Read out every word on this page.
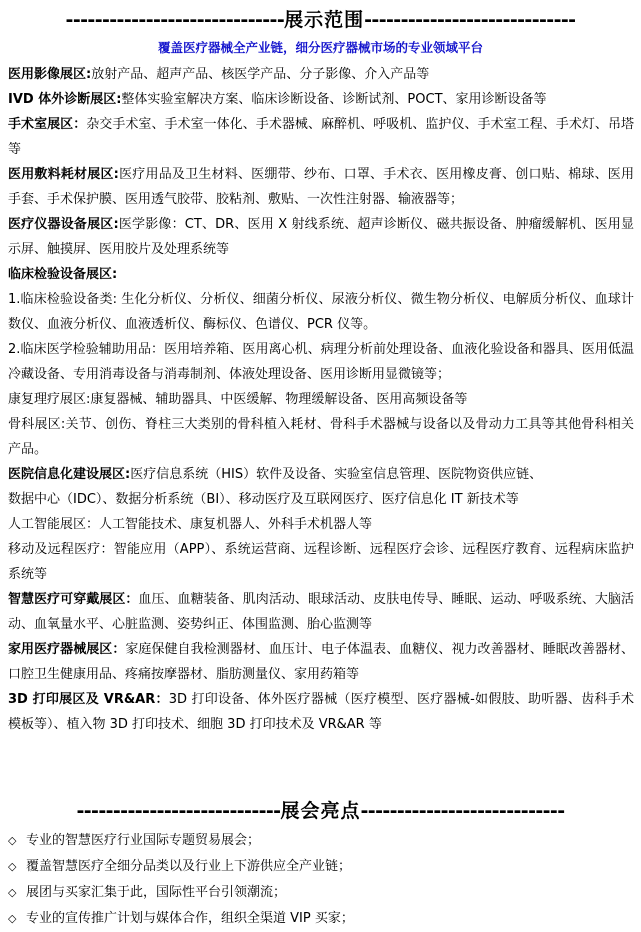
------------------------------展示范围-----------------------------
覆盖医疗器械全产业链，细分医疗器械市场的专业领域平台

医用影像展区:放射产品、超声产品、核医学产品、分子影像、介入产品等

IVD 体外诊断展区:整体实验室解决方案、临床诊断设备、诊断试剂、POCT、家用诊断设备等

手术室展区：杂交手术室、手术室一体化、手术器械、麻醉机、呼吸机、监护仪、手术室工程、手术灯、吊塔等

医用敷料耗材展区:医疗用品及卫生材料、医绷带、纱布、口罩、手术衣、医用橡皮膏、创口贴、棉球、医用手套、手术保护膜、医用透气胶带、胶粘剂、敷贴、一次性注射器、输液器等；

医疗仪器设备展区:医学影像：CT、DR、医用 X 射线系统、超声诊断仪、磁共振设备、肿瘤缓解机、医用显示屏、触摸屏、医用胶片及处理系统等

临床检验设备展区:

1.临床检验设备类: 生化分析仪、分析仪、细菌分析仪、尿液分析仪、微生物分析仪、电解质分析仪、血球计数仪、血液分析仪、血液透析仪、酶标仪、色谱仪、PCR 仪等。

2.临床医学检验辅助用品：医用培养箱、医用离心机、病理分析前处理设备、血液化验设备和器具、医用低温冷藏设备、专用消毒设备与消毒制剂、体液处理设备、医用诊断用显微镜等；

康复理疗展区:康复器械、辅助器具、中医缓解、物理缓解设备、医用高频设备等

骨科展区:关节、创伤、脊柱三大类别的骨科植入耗材、骨科手术器械与设备以及骨动力工具等其他骨科相关产品。

医院信息化建设展区:医疗信息系统（HIS）软件及设备、实验室信息管理、医院物资供应链、

数据中心（IDC）、数据分析系统（BI）、移动医疗及互联网医疗、医疗信息化 IT 新技术等

人工智能展区：人工智能技术、康复机器人、外科手术机器人等

移动及远程医疗：智能应用（APP）、系统运营商、远程诊断、远程医疗会诊、远程医疗教育、远程病床监护系统等

智慧医疗可穿戴展区：血压、血糖装备、肌肉活动、眼球活动、皮肤电传导、睡眠、运动、呼吸系统、大脑活动、血氧量水平、心脏监测、姿势纠正、体围监测、胎心监测等

家用医疗器械展区：家庭保健自我检测器材、血压计、电子体温表、血糖仪、视力改善器材、睡眠改善器材、口腔卫生健康用品、疼痛按摩器材、脂肪测量仪、家用药箱等

3D 打印展区及 VR&AR：3D 打印设备、体外医疗器械（医疗模型、医疗器械-如假肢、助听器、齿科手术模板等）、植入物 3D 打印技术、细胞 3D 打印技术及 VR&AR 等

----------------------------展会亮点----------------------------
◇ 专业的智慧医疗行业国际专题贸易展会；
◇ 覆盖智慧医疗全细分品类以及行业上下游供应全产业链；
◇ 展团与买家汇集于此，国际性平台引领潮流；
◇ 专业的宣传推广计划与媒体合作，组织全渠道 VIP 买家；
